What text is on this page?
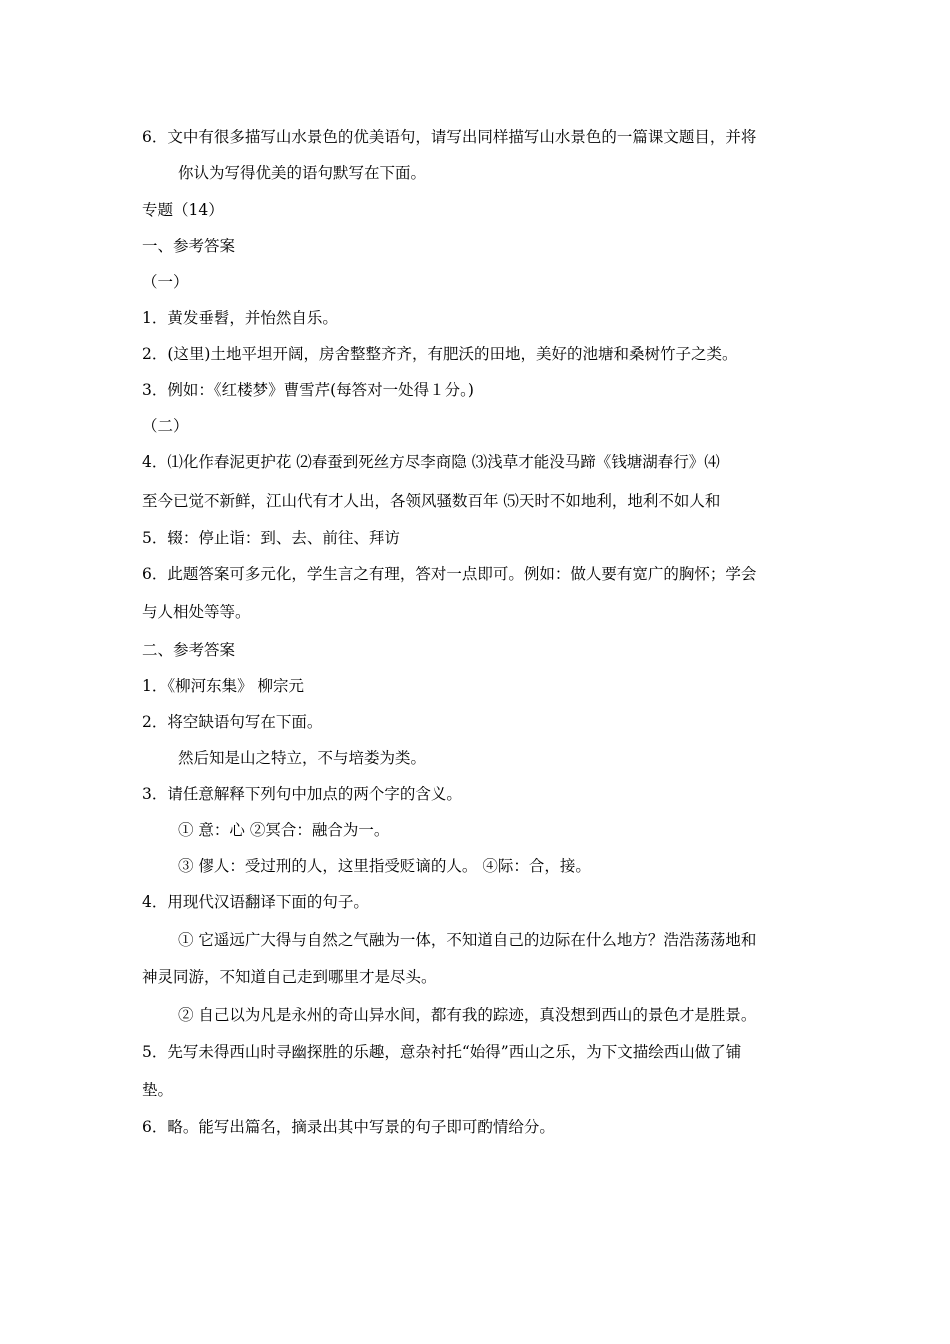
6．文中有很多描写山水景色的优美语句，请写出同样描写山水景色的一篇课文题目，并将
你认为写得优美的语句默写在下面。
专题（14）
一、参考答案
（一）
1．黄发垂髫，并怡然自乐。
2．(这里)土地平坦开阔，房舍整整齐齐，有肥沃的田地，美好的池塘和桑树竹子之类。
3．例如：《红楼梦》曹雪芹(每答对一处得１分。)
（二）
4．⑴化作春泥更护花 ⑵春蚕到死丝方尽李商隐 ⑶浅草才能没马蹄《钱塘湖春行》⑷
至今已觉不新鲜，江山代有才人出，各领风骚数百年 ⑸天时不如地利，地利不如人和
5．辍：停止诣：到、去、前往、拜访
6．此题答案可多元化，学生言之有理，答对一点即可。例如：做人要有宽广的胸怀；学会
与人相处等等。
二、参考答案
1．《柳河东集》 柳宗元
2．将空缺语句写在下面。
然后知是山之特立，不与培娄为类。
3．请任意解释下列句中加点的两个字的含义。
① 意：心 ②冥合：融合为一。
③ 僇人：受过刑的人，这里指受贬谪的人。 ④际：合，接。
4．用现代汉语翻译下面的句子。
① 它遥远广大得与自然之气融为一体，不知道自己的边际在什么地方？浩浩荡荡地和
神灵同游，不知道自己走到哪里才是尽头。
② 自己以为凡是永州的奇山异水间，都有我的踪迹，真没想到西山的景色才是胜景。
5．先写未得西山时寻幽探胜的乐趣，意杂衬托“始得”西山之乐，为下文描绘西山做了铺
垫。
6．略。能写出篇名，摘录出其中写景的句子即可酌情给分。
